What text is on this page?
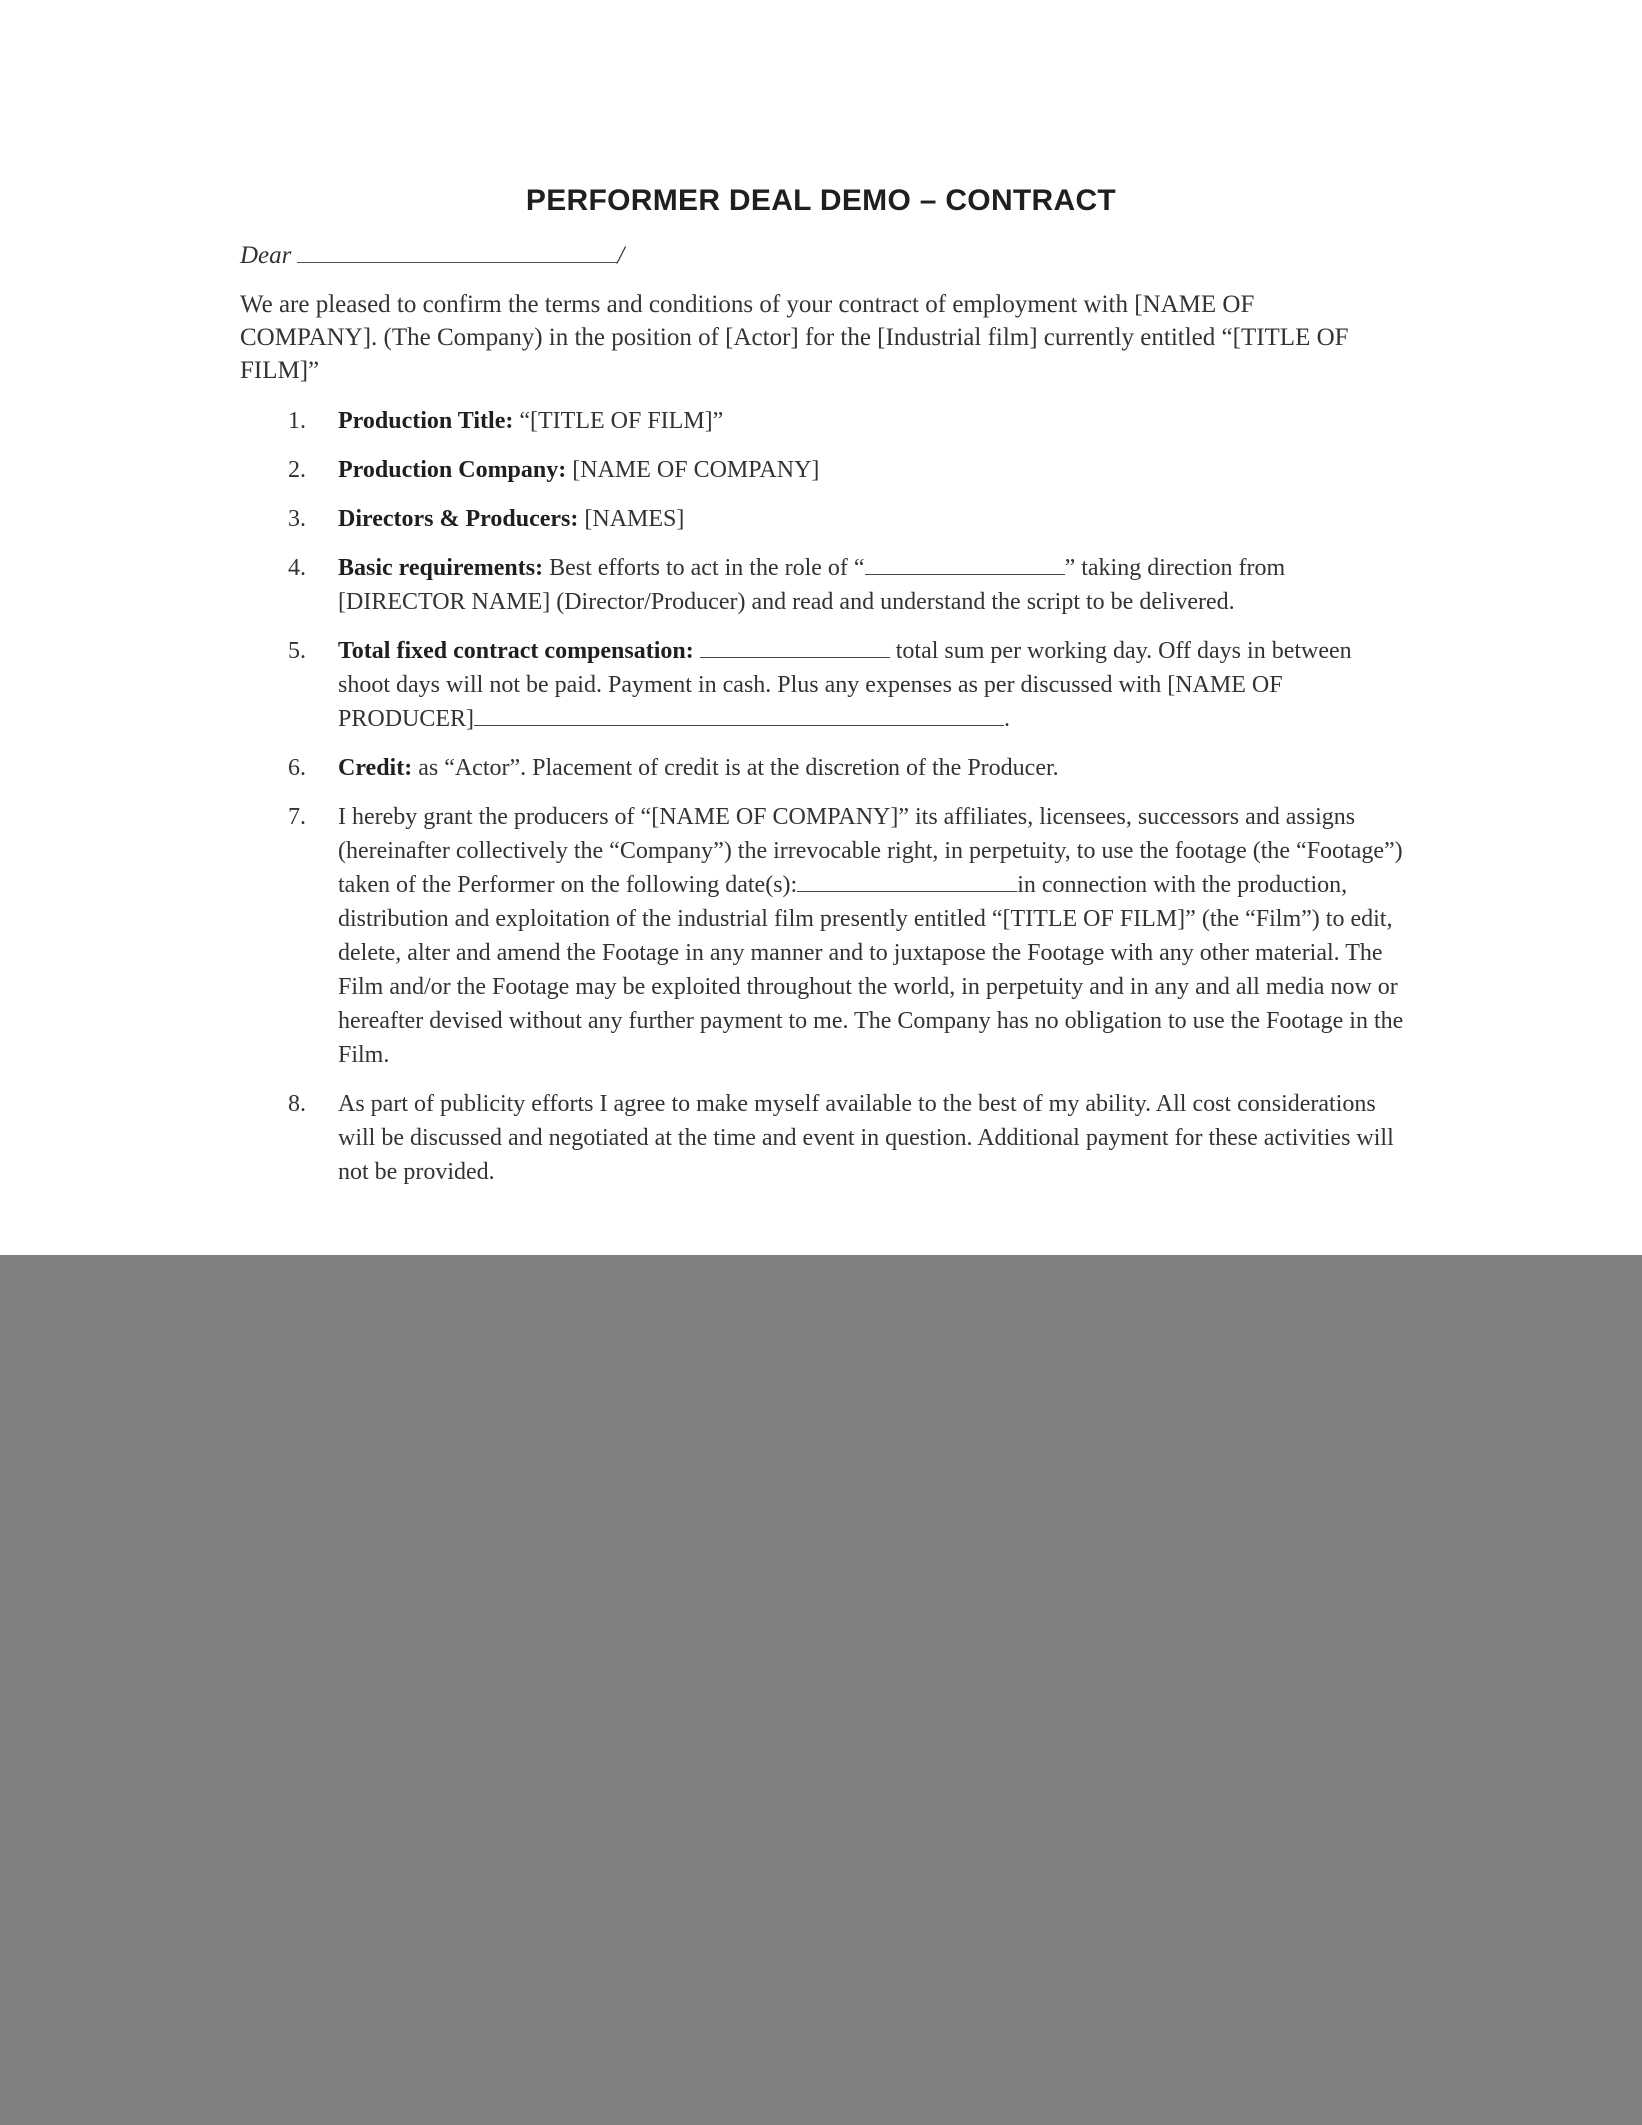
PERFORMER DEAL DEMO – CONTRACT
Dear	/

We are pleased to confirm the terms and conditions of your contract of employment with [NAME OF COMPANY]. (The Company) in the position of [Actor] for the [Industrial film] currently entitled “[TITLE OF FILM]”

1. Production Title: “[TITLE OF FILM]”
2. Production Company: [NAME OF COMPANY]
3. Directors & Producers: [NAMES]
4. Basic requirements: Best efforts to act in the role of “	” taking direction from [DIRECTOR NAME] (Director/Producer) and read and understand the script to be delivered.
5. Total fixed contract compensation:	total sum per working day. Off days in between shoot days will not be paid. Payment in cash. Plus any expenses as per discussed with [NAME OF PRODUCER]	.
6. Credit: as “Actor”. Placement of credit is at the discretion of the Producer.
7. I hereby grant the producers of “[NAME OF COMPANY]” its affiliates, licensees, successors and assigns (hereinafter collectively the “Company”) the irrevocable right, in perpetuity, to use the footage (the “Footage”) taken of the Performer on the following date(s):	in connection with the production, distribution and exploitation of the industrial film presently entitled “[TITLE OF FILM]” (the “Film”) to edit, delete, alter and amend the Footage in any manner and to juxtapose the Footage with any other material. The Film and/or the Footage may be exploited throughout the world, in perpetuity and in any and all media now or hereafter devised without any further payment to me. The Company has no obligation to use the Footage in the Film.
8. As part of publicity efforts I agree to make myself available to the best of my ability. All cost considerations will be discussed and negotiated at the time and event in question. Additional payment for these activities will not be provided.
